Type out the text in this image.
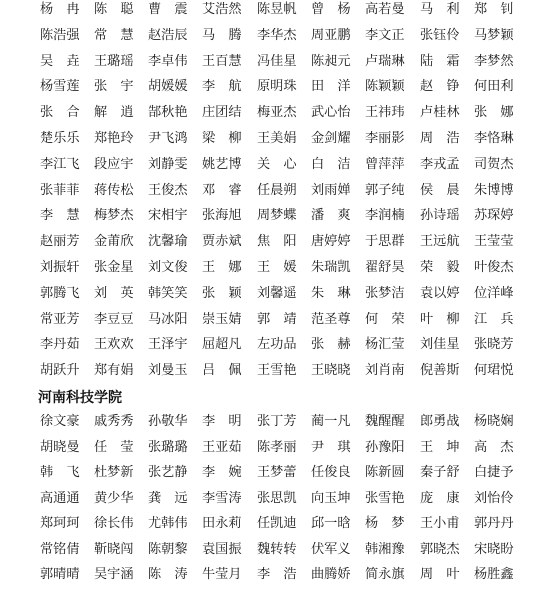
杨　冉	陈　聪	曹　震	艾浩然	陈昱帆	曾　杨	高若曼	马　利	郑　钊
陈浩强	常　慧	赵浩辰	马　腾	李华杰	周亚鹏	李文正	张钰伶	马梦颖
吴　垚	王璐瑶	李卓伟	王百慧	冯佳星	陈昶元	卢瑞琳	陆　霜	李梦然
杨雪莲	张　宇	胡媛媛	李　航	原明珠	田　洋	陈颖颖	赵　铮	何田利
张　合	解　逍	郜秋艳	庄团结	梅亚杰	武心怡	王祎玮	卢桂林	张　娜
楚乐乐	郑艳玲	尹飞鸿	梁　柳	王美娟	金剑耀	李丽影	周　浩	李恪琳
李江飞	段应宇	刘静雯	姚艺博	关　心	白　洁	曾萍萍	李戎孟	司贺杰
张菲菲	蒋传松	王俊杰	邓　睿	任晨朔	刘雨婵	郭子纯	侯　晨	朱博博
李　慧	梅梦杰	宋相宇	张海旭	周梦蝶	潘　爽	李润楠	孙诗瑶	苏琛婷
赵丽芳	金莆欣	沈馨瑜	贾赤斌	焦　阳	唐婷婷	于思群	王远航	王莹莹
刘振轩	张金星	刘文俊	王　娜	王　媛	朱瑞凯	翟舒昊	荣　毅	叶俊杰
郭腾飞	刘　英	韩笑笑	张　颖	刘馨遥	朱　琳	张梦洁	袁以婷	位洋峰
常亚芳	李豆豆	马冰阳	崇玉婧	郭　靖	范圣尊	何　荣	叶　柳	江　兵
李丹茹	王欢欢	王泽宇	屈超凡	左功品	张　赫	杨汇莹	刘佳星	张晓芳
胡跃升	郑有娟	刘曼玉	吕　佩	王雪艳	王晓晓	刘肖南	倪善斯	何珺悦
河南科技学院
徐文豪	戚秀秀	孙敬华	李　明	张丁芳	蔺一凡	魏醒醒	郎勇战	杨晓娴
胡晓曼	任　莹	张璐璐	王亚茹	陈孝丽	尹　琪	孙豫阳	王　坤	高　杰
韩　飞	杜梦新	张艺静	李　婉	王梦蕾	任俊良	陈新圆	秦子舒	白捷予
高通通	黄少华	龚　远	李雪涛	张思凯	向玉坤	张雪艳	庞　康	刘怡伶
郑珂珂	徐长伟	尤韩伟	田永莉	任凯迪	邱一晗	杨　梦	王小甫	郭丹丹
常铭倩	靳晓闯	陈朝黎	袁国振	魏转转	伏军义	韩湘豫	郭晓杰	宋晓盼
郭晴晴	吴宇涵	陈　涛	牛莹月	李　浩	曲腾娇	简永旗	周　叶	杨胜鑫
